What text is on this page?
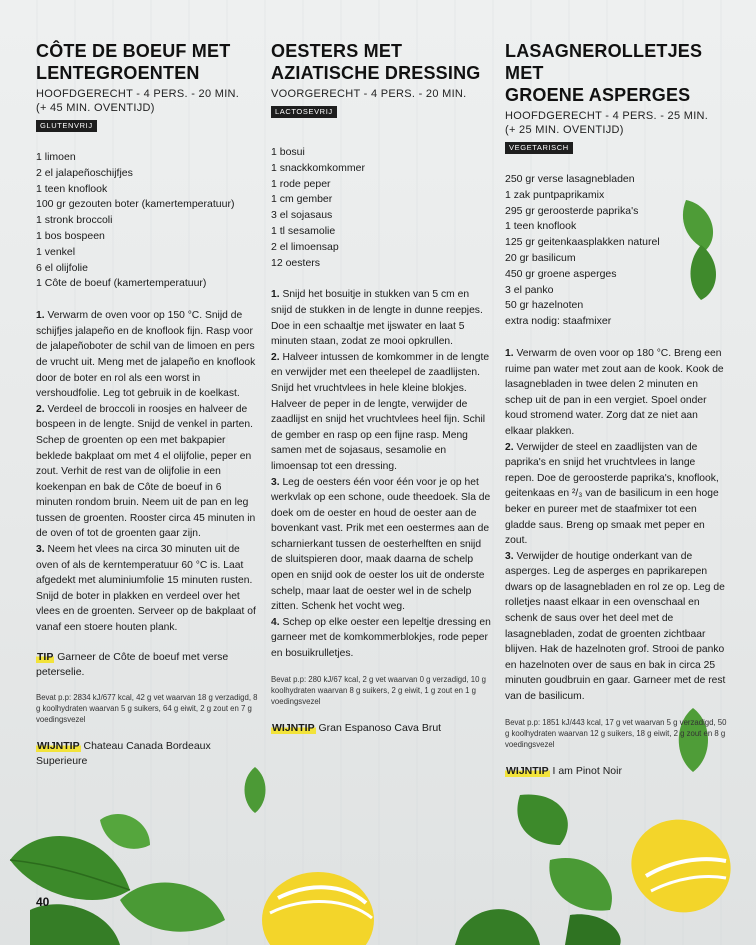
CÔTE DE BOEUF MET
LENTEGROENTEN
HOOFDGERECHT - 4 PERS. - 20 MIN.
(+ 45 MIN. OVENTIJD)
GLUTENVRIJ
1 limoen
2 el jalapeñoschijfjes
1 teen knoflook
100 gr gezouten boter (kamertemperatuur)
1 stronk broccoli
1 bos bospeen
1 venkel
6 el olijfolie
1 Côte de boeuf (kamertemperatuur)

1. Verwarm de oven voor op 150 °C. Snijd de schijfjes jalapeño en de knoflook fijn. Rasp voor de jalapeñoboter de schil van de limoen en pers de vrucht uit. Meng met de jalapeño en knoflook door de boter en rol als een worst in vershoudfolie. Leg tot gebruik in de koelkast.

2. Verdeel de broccoli in roosjes en halveer de bospeen in de lengte. Snijd de venkel in parten. Schep de groenten op een met bakpapier beklede bakplaat om met 4 el olijfolie, peper en zout. Verhit de rest van de olijfolie in een koekenpan en bak de Côte de boeuf in 6 minuten rondom bruin. Neem uit de pan en leg tussen de groenten. Rooster circa 45 minuten in de oven of tot de groenten gaar zijn.

3. Neem het vlees na circa 30 minuten uit de oven of als de kerntemperatuur 60 °C is. Laat afgedekt met aluminiumfolie 15 minuten rusten. Snijd de boter in plakken en verdeel over het vlees en de groenten. Serveer op de bakplaat of vanaf een stoere houten plank.

TIP Garneer de Côte de boeuf met verse peterselie.
Bevat p.p: 2834 kJ/677 kcal, 42 g vet waarvan 18 g verzadigd, 8 g koolhydraten waarvan 5 g suikers, 64 g eiwit, 2 g zout en 7 g voedingsvezel
WIJNTIP Chateau Canada Bordeaux Superieure
OESTERS MET
AZIATISCHE DRESSING
VOORGERECHT - 4 PERS. - 20 MIN.
LACTOSEVRIJ
1 bosui
1 snackkomkommer
1 rode peper
1 cm gember
3 el sojasaus
1 tl sesamolie
2 el limoensap
12 oesters

1. Snijd het bosuitje in stukken van 5 cm en snijd de stukken in de lengte in dunne reepjes. Doe in een schaaltje met ijswater en laat 5 minuten staan, zodat ze mooi opkrullen.

2. Halveer intussen de komkommer in de lengte en verwijder met een theelepel de zaadlijsten. Snijd het vruchtvlees in hele kleine blokjes. Halveer de peper in de lengte, verwijder de zaadlijst en snijd het vruchtvlees heel fijn. Schil de gember en rasp op een fijne rasp. Meng samen met de sojasaus, sesamolie en limoensap tot een dressing.

3. Leg de oesters één voor één voor je op het werkvlak op een schone, oude theedoek. Sla de doek om de oester en houd de oester aan de bovenkant vast. Prik met een oestermes aan de scharnierkant tussen de oesterhelften en snijd de sluitspieren door, maak daarna de schelp open en snijd ook de oester los uit de onderste schelp, maar laat de oester wel in de schelp zitten. Schenk het vocht weg.

4. Schep op elke oester een lepeltje dressing en garneer met de komkommerblokjes, rode peper en bosuikrulletjes.

Bevat p.p: 280 kJ/67 kcal, 2 g vet waarvan 0 g verzadigd, 10 g koolhydraten waarvan 8 g suikers, 2 g eiwit, 1 g zout en 1 g voedingsvezel
WIJNTIP Gran Espanoso Cava Brut
LASAGNEROLLETJES MET
GROENE ASPERGES
HOOFDGERECHT - 4 PERS. - 25 MIN.
(+ 25 MIN. OVENTIJD)
VEGETARISCH
250 gr verse lasagnebladen
1 zak puntpaprikamix
295 gr geroosterde paprika's
1 teen knoflook
125 gr geitenkaasplakken naturel
20 gr basilicum
450 gr groene asperges
3 el panko
50 gr hazelnoten
extra nodig: staafmixer

1. Verwarm de oven voor op 180 °C. Breng een ruime pan water met zout aan de kook. Kook de lasagnebladen in twee delen 2 minuten en schep uit de pan in een vergiet. Spoel onder koud stromend water. Zorg dat ze niet aan elkaar plakken.

2. Verwijder de steel en zaadlijsten van de paprika's en snijd het vruchtvlees in lange repen. Doe de geroosterde paprika's, knoflook, geitenkaas en ²/₃ van de basilicum in een hoge beker en pureer met de staafmixer tot een gladde saus. Breng op smaak met peper en zout.

3. Verwijder de houtige onderkant van de asperges. Leg de asperges en paprikarepen dwars op de lasagnebladen en rol ze op. Leg de rolletjes naast elkaar in een ovenschaal en schenk de saus over het deel met de lasagnebladen, zodat de groenten zichtbaar blijven. Hak de hazelnoten grof. Strooi de panko en hazelnoten over de saus en bak in circa 25 minuten goudbruin en gaar. Garneer met de rest van de basilicum.

Bevat p.p: 1851 kJ/443 kcal, 17 g vet waarvan 5 g verzadigd, 50 g koolhydraten waarvan 12 g suikers, 18 g eiwit, 2 g zout en 8 g voedingsvezel
WIJNTIP I am Pinot Noir
40
